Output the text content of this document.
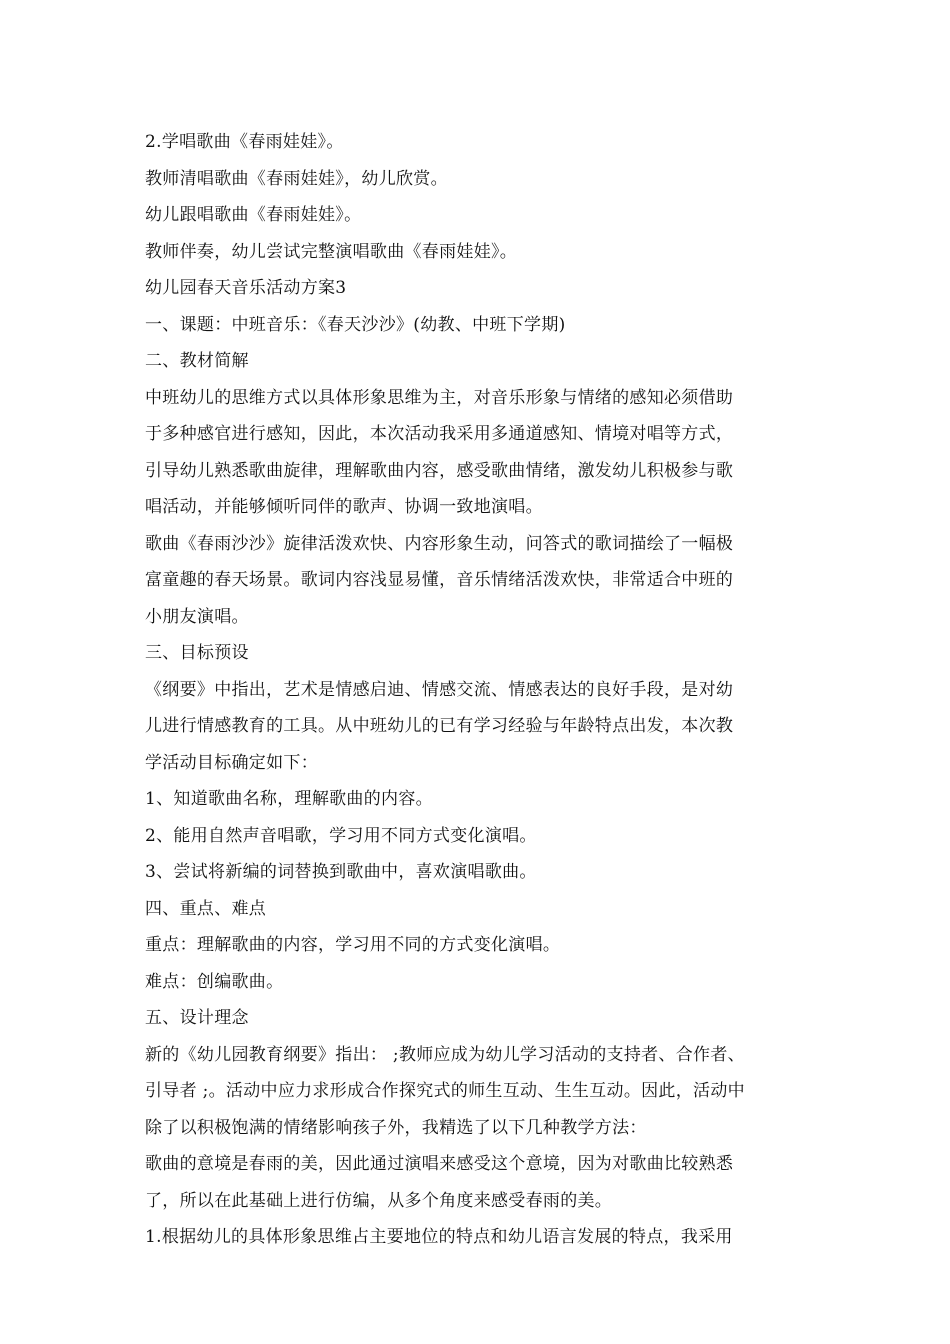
2.学唱歌曲《春雨娃娃》。
教师清唱歌曲《春雨娃娃》，幼儿欣赏。
幼儿跟唱歌曲《春雨娃娃》。
教师伴奏，幼儿尝试完整演唱歌曲《春雨娃娃》。
幼儿园春天音乐活动方案3
一、课题：中班音乐：《春天沙沙》(幼教、中班下学期)
二、教材简解
中班幼儿的思维方式以具体形象思维为主，对音乐形象与情绪的感知必须借助
于多种感官进行感知，因此，本次活动我采用多通道感知、情境对唱等方式，
引导幼儿熟悉歌曲旋律，理解歌曲内容，感受歌曲情绪，激发幼儿积极参与歌
唱活动，并能够倾听同伴的歌声、协调一致地演唱。
歌曲《春雨沙沙》旋律活泼欢快、内容形象生动，问答式的歌词描绘了一幅极
富童趣的春天场景。歌词内容浅显易懂，音乐情绪活泼欢快，非常适合中班的
小朋友演唱。
三、目标预设
《纲要》中指出，艺术是情感启迪、情感交流、情感表达的良好手段，是对幼
儿进行情感教育的工具。从中班幼儿的已有学习经验与年龄特点出发，本次教
学活动目标确定如下：
1、知道歌曲名称，理解歌曲的内容。
2、能用自然声音唱歌，学习用不同方式变化演唱。
3、尝试将新编的词替换到歌曲中，喜欢演唱歌曲。
四、重点、难点
重点：理解歌曲的内容，学习用不同的方式变化演唱。
难点：创编歌曲。
五、设计理念
新的《幼儿园教育纲要》指出： ;教师应成为幼儿学习活动的支持者、合作者、
引导者 ;。活动中应力求形成合作探究式的师生互动、生生互动。因此，活动中
除了以积极饱满的情绪影响孩子外，我精选了以下几种教学方法：
歌曲的意境是春雨的美，因此通过演唱来感受这个意境，因为对歌曲比较熟悉
了，所以在此基础上进行仿编，从多个角度来感受春雨的美。
1.根据幼儿的具体形象思维占主要地位的特点和幼儿语言发展的特点，我采用
